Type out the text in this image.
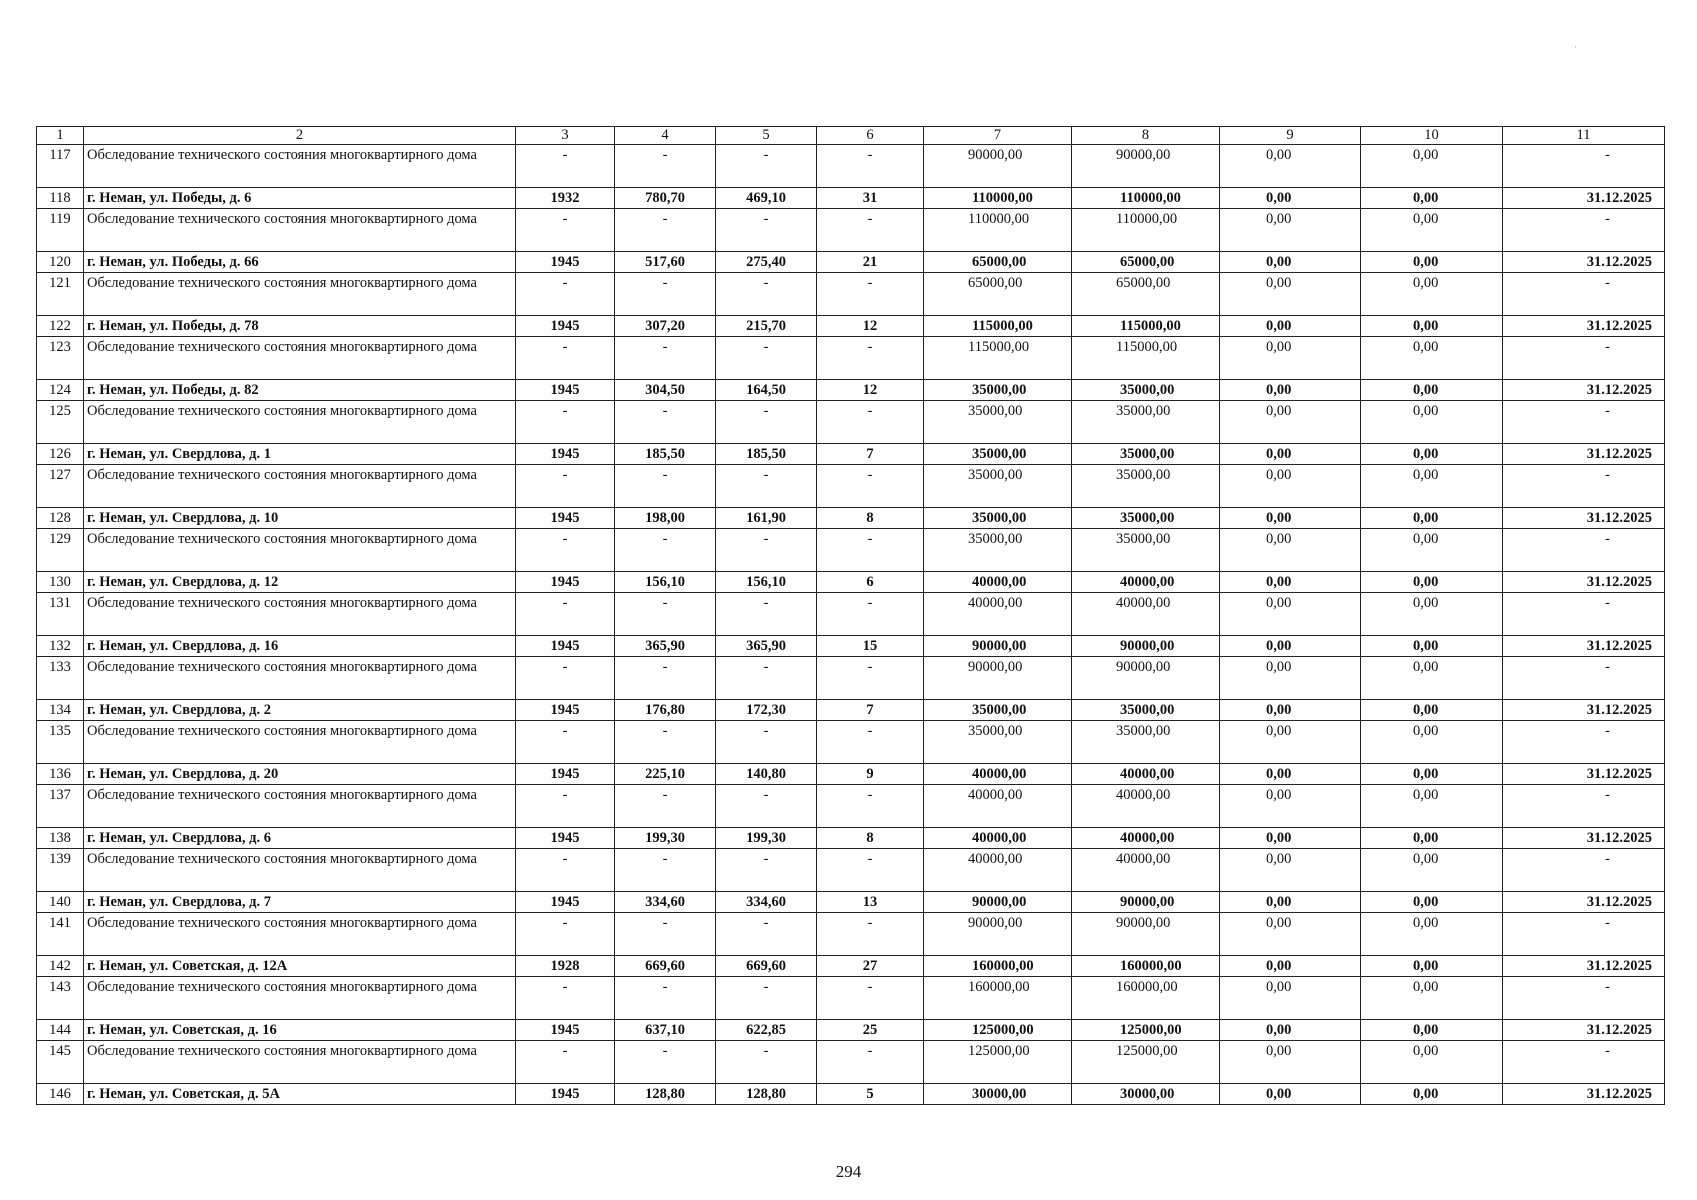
1	2	3	4	5	6	7	8	9	10	11
117	Обследование технического состояния многоквартирного дома	-	-	-	-	90000,00	90000,00	0,00	0,00	-
118	г. Неман, ул. Победы, д. 6	1932	780,70	469,10	31	110000,00	110000,00	0,00	0,00	31.12.2025
119	Обследование технического состояния многоквартирного дома	-	-	-	-	110000,00	110000,00	0,00	0,00	-
120	г. Неман, ул. Победы, д. 66	1945	517,60	275,40	21	65000,00	65000,00	0,00	0,00	31.12.2025
121	Обследование технического состояния многоквартирного дома	-	-	-	-	65000,00	65000,00	0,00	0,00	-
122	г. Неман, ул. Победы, д. 78	1945	307,20	215,70	12	115000,00	115000,00	0,00	0,00	31.12.2025
123	Обследование технического состояния многоквартирного дома	-	-	-	-	115000,00	115000,00	0,00	0,00	-
124	г. Неман, ул. Победы, д. 82	1945	304,50	164,50	12	35000,00	35000,00	0,00	0,00	31.12.2025
125	Обследование технического состояния многоквартирного дома	-	-	-	-	35000,00	35000,00	0,00	0,00	-
126	г. Неман, ул. Свердлова, д. 1	1945	185,50	185,50	7	35000,00	35000,00	0,00	0,00	31.12.2025
127	Обследование технического состояния многоквартирного дома	-	-	-	-	35000,00	35000,00	0,00	0,00	-
128	г. Неман, ул. Свердлова, д. 10	1945	198,00	161,90	8	35000,00	35000,00	0,00	0,00	31.12.2025
129	Обследование технического состояния многоквартирного дома	-	-	-	-	35000,00	35000,00	0,00	0,00	-
130	г. Неман, ул. Свердлова, д. 12	1945	156,10	156,10	6	40000,00	40000,00	0,00	0,00	31.12.2025
131	Обследование технического состояния многоквартирного дома	-	-	-	-	40000,00	40000,00	0,00	0,00	-
132	г. Неман, ул. Свердлова, д. 16	1945	365,90	365,90	15	90000,00	90000,00	0,00	0,00	31.12.2025
133	Обследование технического состояния многоквартирного дома	-	-	-	-	90000,00	90000,00	0,00	0,00	-
134	г. Неман, ул. Свердлова, д. 2	1945	176,80	172,30	7	35000,00	35000,00	0,00	0,00	31.12.2025
135	Обследование технического состояния многоквартирного дома	-	-	-	-	35000,00	35000,00	0,00	0,00	-
136	г. Неман, ул. Свердлова, д. 20	1945	225,10	140,80	9	40000,00	40000,00	0,00	0,00	31.12.2025
137	Обследование технического состояния многоквартирного дома	-	-	-	-	40000,00	40000,00	0,00	0,00	-
138	г. Неман, ул. Свердлова, д. 6	1945	199,30	199,30	8	40000,00	40000,00	0,00	0,00	31.12.2025
139	Обследование технического состояния многоквартирного дома	-	-	-	-	40000,00	40000,00	0,00	0,00	-
140	г. Неман, ул. Свердлова, д. 7	1945	334,60	334,60	13	90000,00	90000,00	0,00	0,00	31.12.2025
141	Обследование технического состояния многоквартирного дома	-	-	-	-	90000,00	90000,00	0,00	0,00	-
142	г. Неман, ул. Советская, д. 12А	1928	669,60	669,60	27	160000,00	160000,00	0,00	0,00	31.12.2025
143	Обследование технического состояния многоквартирного дома	-	-	-	-	160000,00	160000,00	0,00	0,00	-
144	г. Неман, ул. Советская, д. 16	1945	637,10	622,85	25	125000,00	125000,00	0,00	0,00	31.12.2025
145	Обследование технического состояния многоквартирного дома	-	-	-	-	125000,00	125000,00	0,00	0,00	-
146	г. Неман, ул. Советская, д. 5А	1945	128,80	128,80	5	30000,00	30000,00	0,00	0,00	31.12.2025
294
·
